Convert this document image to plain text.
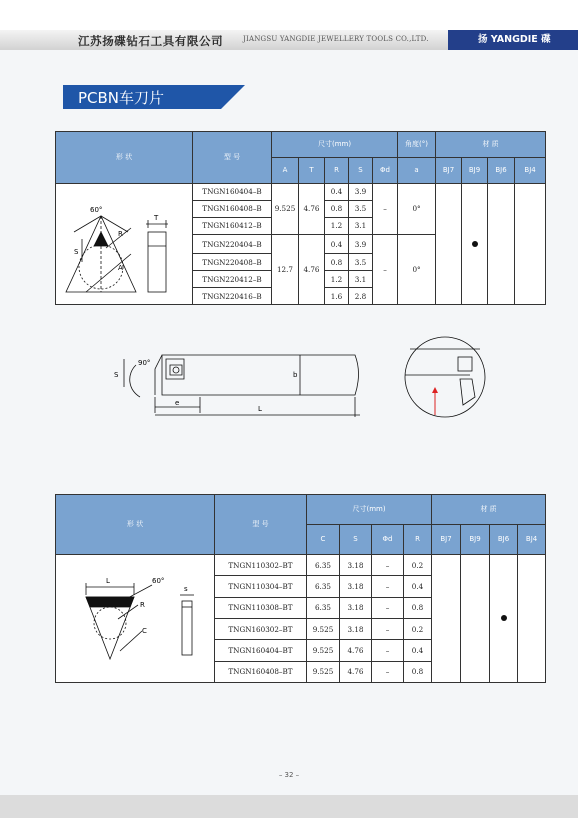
江苏扬碟钻石工具有限公司	JIANGSU YANGDIE JEWELLERY TOOLS CO.,LTD.	扬 YANGDIE 碟
PCBN车刀片
形 状	型 号	尺寸(mm)					角度(°)	材 质			
		A	T	R	S	Φd	a	BJ7	BJ9	BJ6	BJ4

60°
T
R
S
A	TNGN160404–B	9.525	4.76	0.4	3.9	–	0°				
	TNGN160408–B			0.8	3.5						
	TNGN160412–B			1.2	3.1						
	TNGN220404–B	12.7	4.76	0.4	3.9	–	0°				
	TNGN220408–B			0.8	3.5						
	TNGN220412–B			1.2	3.1						
	TNGN220416–B			1.6	2.8						
S
90°
b
e
L
形 状	型 号	尺寸(mm)				材 质			
		C	S	Φd	R	BJ7	BJ9	BJ6	BJ4

L 60°
R
C
s	TNGN110302–BT	6.35	3.18	–	0.2				
	TNGN110304–BT	6.35	3.18	–	0.4				
	TNGN110308–BT	6.35	3.18	–	0.8				
	TNGN160302–BT	9.525	3.18	–	0.2				
	TNGN160404–BT	9.525	4.76	–	0.4				
	TNGN160408–BT	9.525	4.76	–	0.8				
– 32 –
